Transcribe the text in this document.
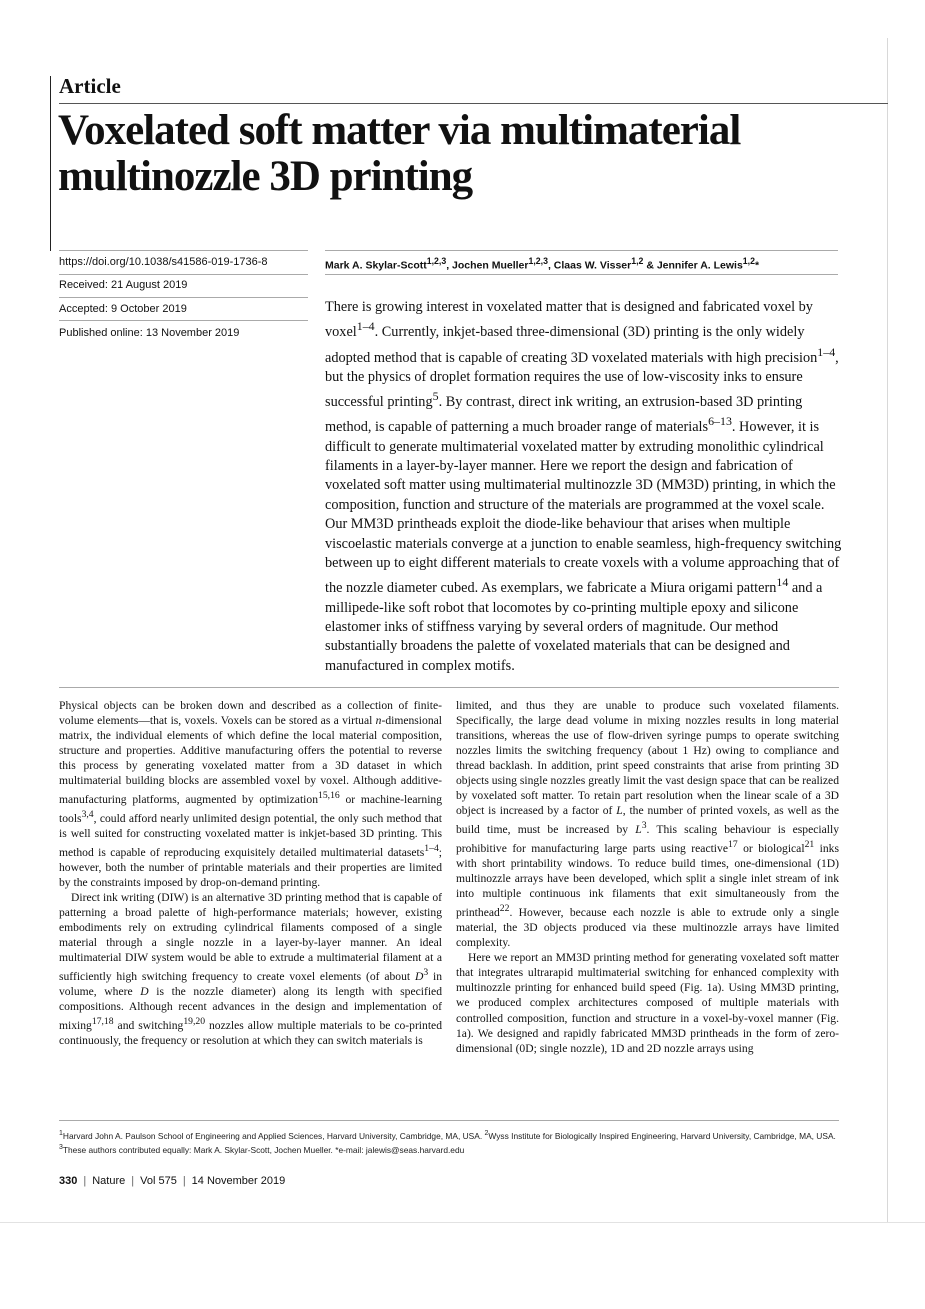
Article
Voxelated soft matter via multimaterial multinozzle 3D printing
https://doi.org/10.1038/s41586-019-1736-8
Received: 21 August 2019
Accepted: 9 October 2019
Published online: 13 November 2019
Mark A. Skylar-Scott$^{1,2,3}$, Jochen Mueller$^{1,2,3}$, Claas W. Visser$^{1,2}$ & Jennifer A. Lewis$^{1,2}$*

There is growing interest in voxelated matter that is designed and fabricated voxel by voxel$^{1-4}$. Currently, inkjet-based three-dimensional (3D) printing is the only widely adopted method that is capable of creating 3D voxelated materials with high precision$^{1-4}$, but the physics of droplet formation requires the use of low-viscosity inks to ensure successful printing$^5$. By contrast, direct ink writing, an extrusion-based 3D printing method, is capable of patterning a much broader range of materials$^{6-13}$. However, it is difficult to generate multimaterial voxelated matter by extruding monolithic cylindrical filaments in a layer-by-layer manner. Here we report the design and fabrication of voxelated soft matter using multimaterial multinozzle 3D (MM3D) printing, in which the composition, function and structure of the materials are programmed at the voxel scale. Our MM3D printheads exploit the diode-like behaviour that arises when multiple viscoelastic materials converge at a junction to enable seamless, high-frequency switching between up to eight different materials to create voxels with a volume approaching that of the nozzle diameter cubed. As exemplars, we fabricate a Miura origami pattern$^{14}$ and a millipede-like soft robot that locomotes by co-printing multiple epoxy and silicone elastomer inks of stiffness varying by several orders of magnitude. Our method substantially broadens the palette of voxelated materials that can be designed and manufactured in complex motifs.

Physical objects can be broken down and described as a collection of finite-volume elements—that is, voxels. Voxels can be stored as a virtual n-dimensional matrix, the individual elements of which define the local material composition, structure and properties. Additive manufacturing offers the potential to reverse this process by generating voxelated matter from a 3D dataset in which multimaterial building blocks are assembled voxel by voxel. Although additive-manufacturing platforms, augmented by optimization$^{15,16}$ or machine-learning tools$^{3,4}$, could afford nearly unlimited design potential, the only such method that is well suited for constructing voxelated matter is inkjet-based 3D printing. This method is capable of reproducing exquisitely detailed multimaterial datasets$^{1-4}$; however, both the number of printable materials and their properties are limited by the constraints imposed by drop-on-demand printing.

Direct ink writing (DIW) is an alternative 3D printing method that is capable of patterning a broad palette of high-performance materials; however, existing embodiments rely on extruding cylindrical filaments composed of a single material through a single nozzle in a layer-by-layer manner. An ideal multimaterial DIW system would be able to extrude a multimaterial filament at a sufficiently high switching frequency to create voxel elements (of about $D^3$ in volume, where D is the nozzle diameter) along its length with specified compositions. Although recent advances in the design and implementation of mixing$^{17,18}$ and switching$^{19,20}$ nozzles allow multiple materials to be co-printed continuously, the frequency or resolution at which they can switch materials is

limited, and thus they are unable to produce such voxelated filaments. Specifically, the large dead volume in mixing nozzles results in long material transitions, whereas the use of flow-driven syringe pumps to operate switching nozzles limits the switching frequency (about 1 Hz) owing to compliance and thread backlash. In addition, print speed constraints that arise from printing 3D objects using single nozzles greatly limit the vast design space that can be realized by voxelated soft matter. To retain part resolution when the linear scale of a 3D object is increased by a factor of L, the number of printed voxels, as well as the build time, must be increased by $L^3$. This scaling behaviour is especially prohibitive for manufacturing large parts using reactive$^{17}$ or biological$^{21}$ inks with short printability windows. To reduce build times, one-dimensional (1D) multinozzle arrays have been developed, which split a single inlet stream of ink into multiple continuous ink filaments that exit simultaneously from the printhead$^{22}$. However, because each nozzle is able to extrude only a single material, the 3D objects produced via these multinozzle arrays have limited complexity.

Here we report an MM3D printing method for generating voxelated soft matter that integrates ultrarapid multimaterial switching for enhanced complexity with multinozzle printing for enhanced build speed (Fig. 1a). Using MM3D printing, we produced complex architectures composed of multiple materials with controlled composition, function and structure in a voxel-by-voxel manner (Fig. 1a). We designed and rapidly fabricated MM3D printheads in the form of zero-dimensional (0D; single nozzle), 1D and 2D nozzle arrays using

$^1$Harvard John A. Paulson School of Engineering and Applied Sciences, Harvard University, Cambridge, MA, USA. $^2$Wyss Institute for Biologically Inspired Engineering, Harvard University, Cambridge, MA, USA. $^3$These authors contributed equally: Mark A. Skylar-Scott, Jochen Mueller. *e-mail: jalewis@seas.harvard.edu
330 | Nature | Vol 575 | 14 November 2019
